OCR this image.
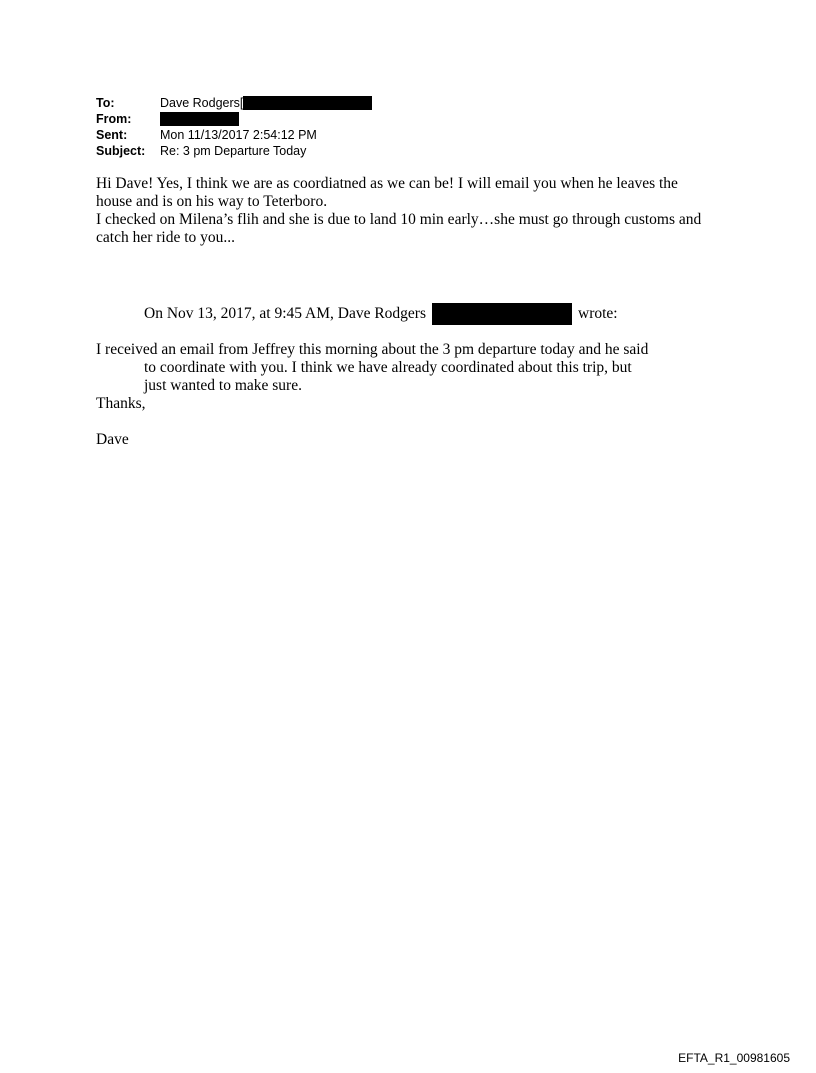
To:	Dave Rodgers[
From:
Sent:	Mon 11/13/2017 2:54:12 PM
Subject:	Re: 3 pm Departure Today
Hi Dave! Yes, I think we are as coordiatned as we can be! I will email you when he leaves the
house and is on his way to Teterboro.
I checked on Milena’s flih and she is due to land 10 min early…she must go through customs and
catch her ride to you...
On Nov 13, 2017, at 9:45 AM, Dave Rodgers	wrote:
I received an email from Jeffrey this morning about the 3 pm departure today and he said
to coordinate with you. I think we have already coordinated about this trip, but
just wanted to make sure.
Thanks,
Dave
EFTA_R1_00981605
